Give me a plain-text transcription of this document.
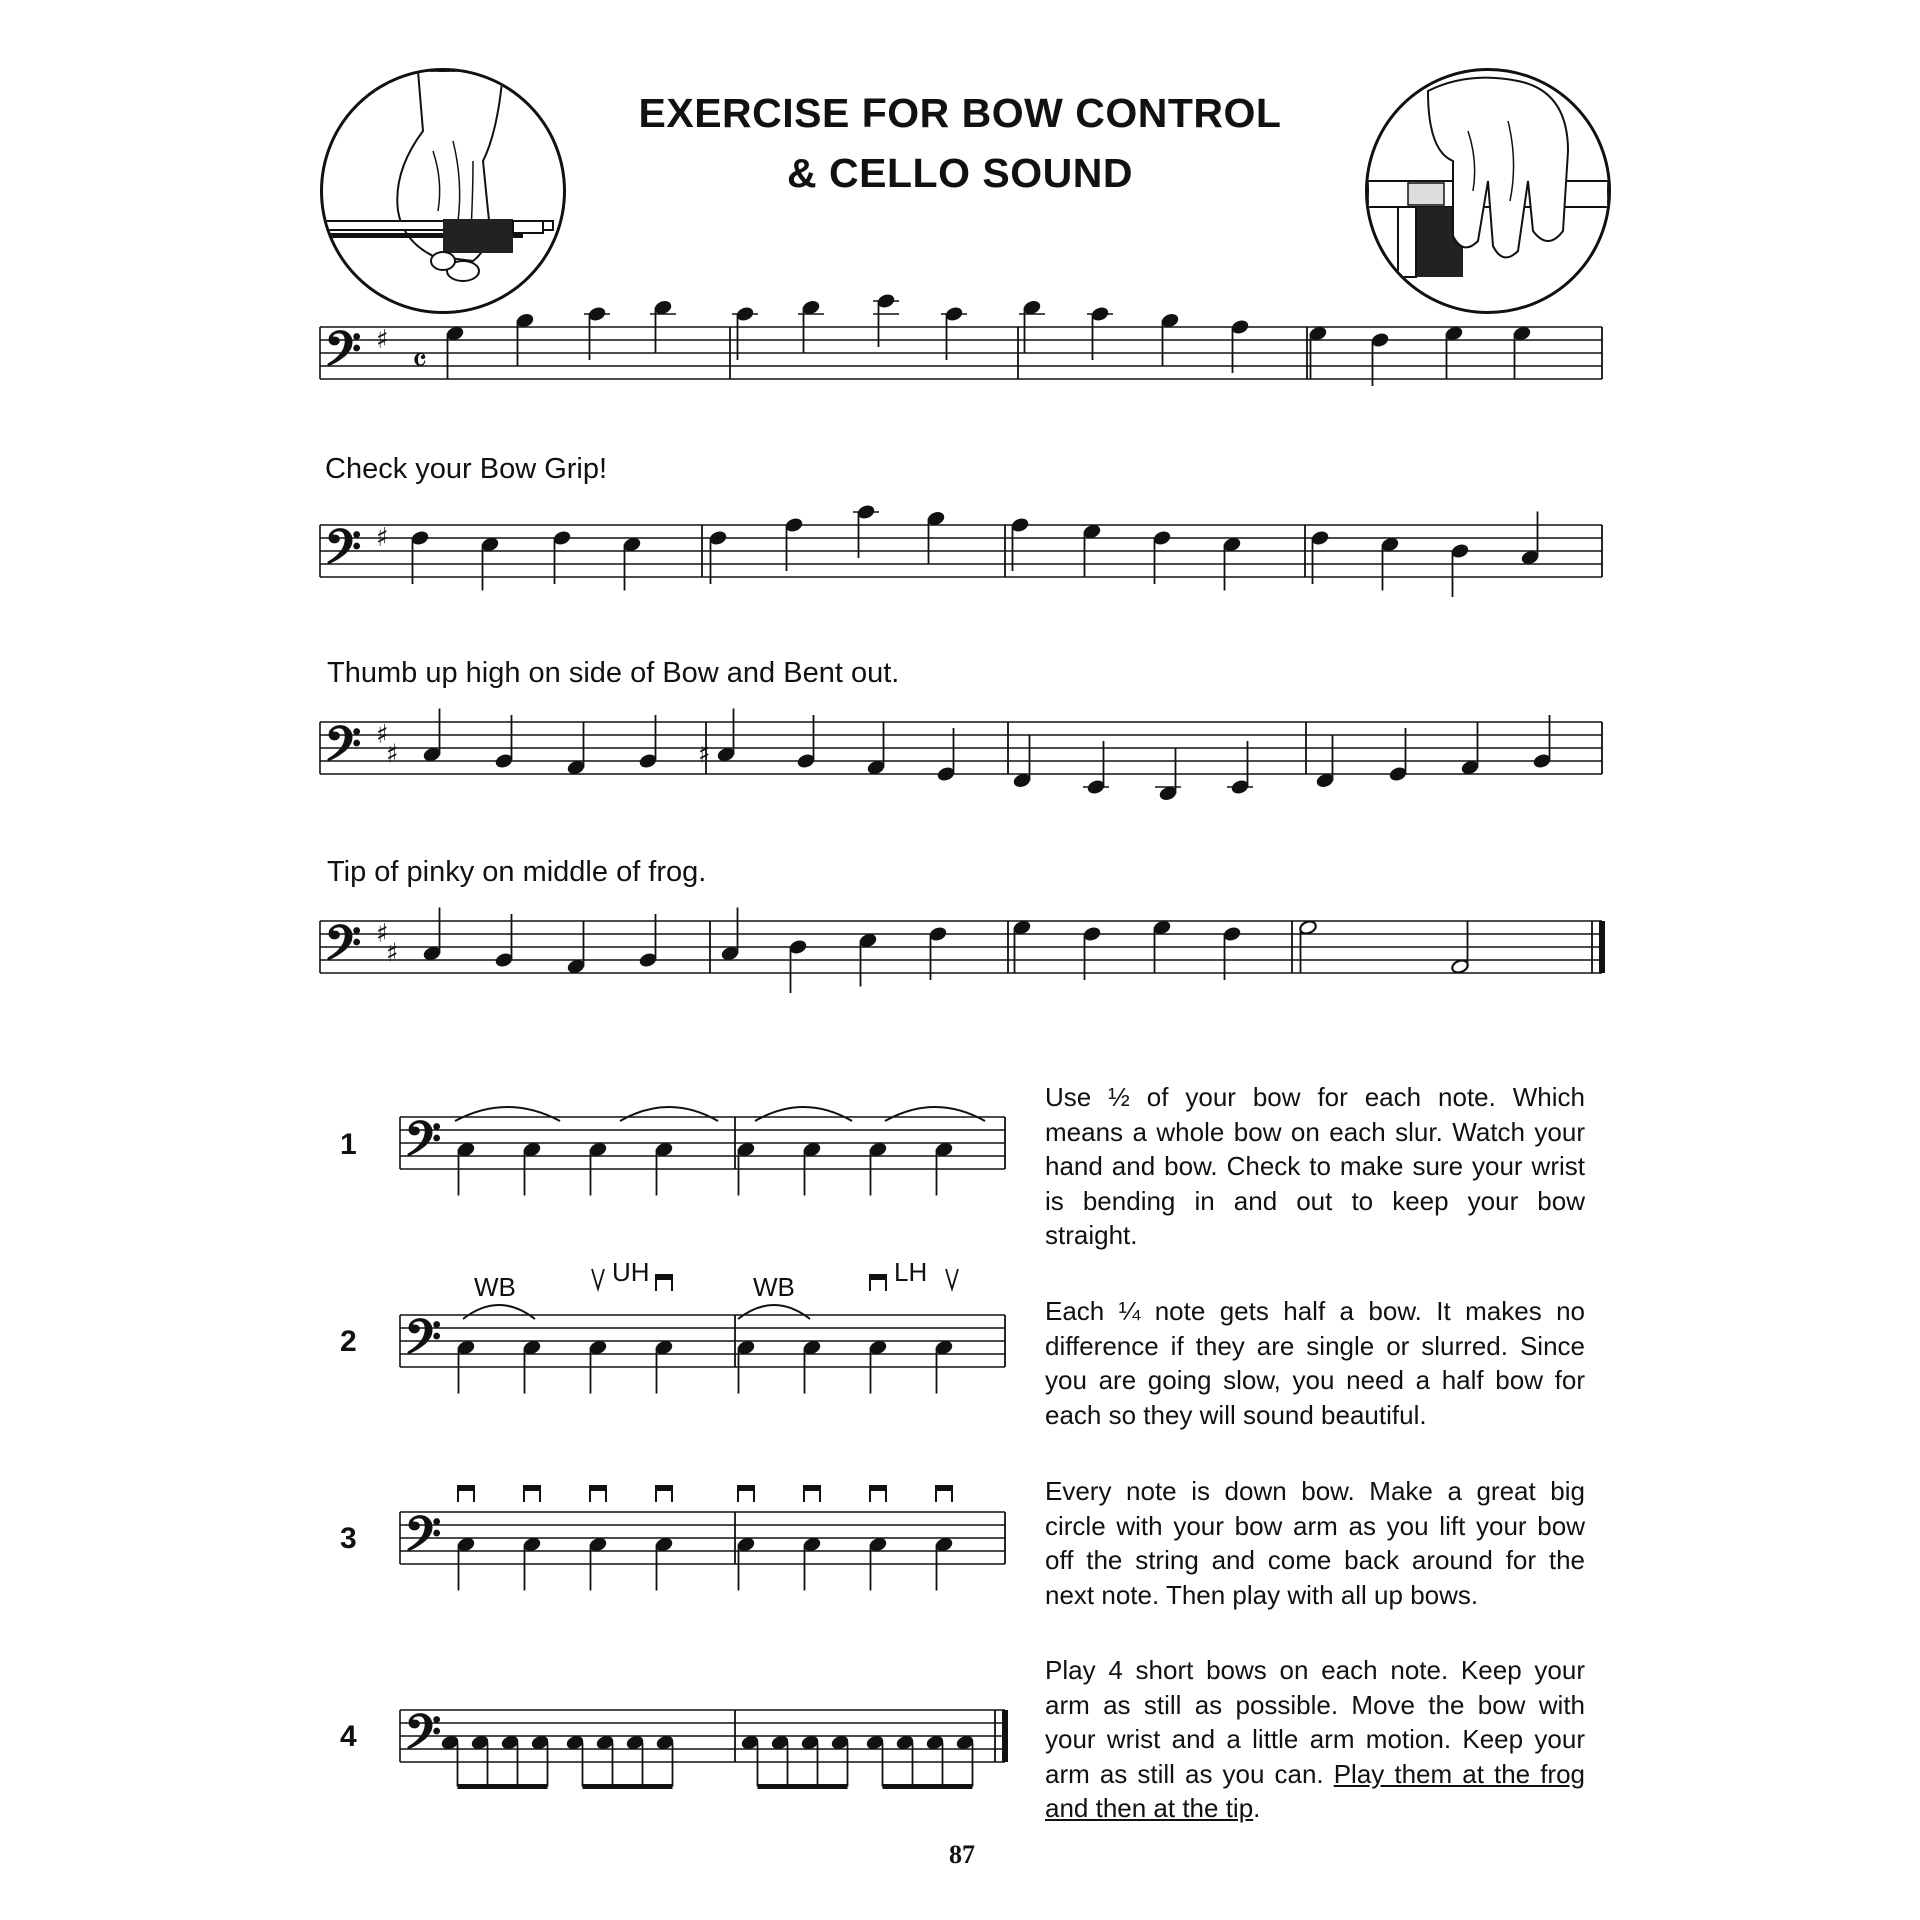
EXERCISE FOR BOW CONTROL
& CELLO SOUND
Check your Bow Grip!
Thumb up high on side of Bow and Bent out.
Tip of pinky on middle of frog.
1
2
3
4
WB	UH	WB	LH
Use ½ of your bow for each note. Which means a whole bow on each slur. Watch your hand and bow. Check to make sure your wrist is bending in and out to keep your bow straight.
Each ¼ note gets half a bow. It makes no difference if they are single or slurred. Since you are going slow, you need a half bow for each so they will sound beautiful.
Every note is down bow. Make a great big circle with your bow arm as you lift your bow off the string and come back around for the next note. Then play with all up bows.
Play 4 short bows on each note. Keep your arm as still as possible. Move the bow with your wrist and a little arm motion. Keep your arm as still as you can. Play them at the frog and then at the tip.
87
𝄢 ♯
𝄴
𝄢 ♯
𝄢 ♯
♯	♯
𝄢 ♯
♯
𝄢
𝄢
𝄢
𝄢
